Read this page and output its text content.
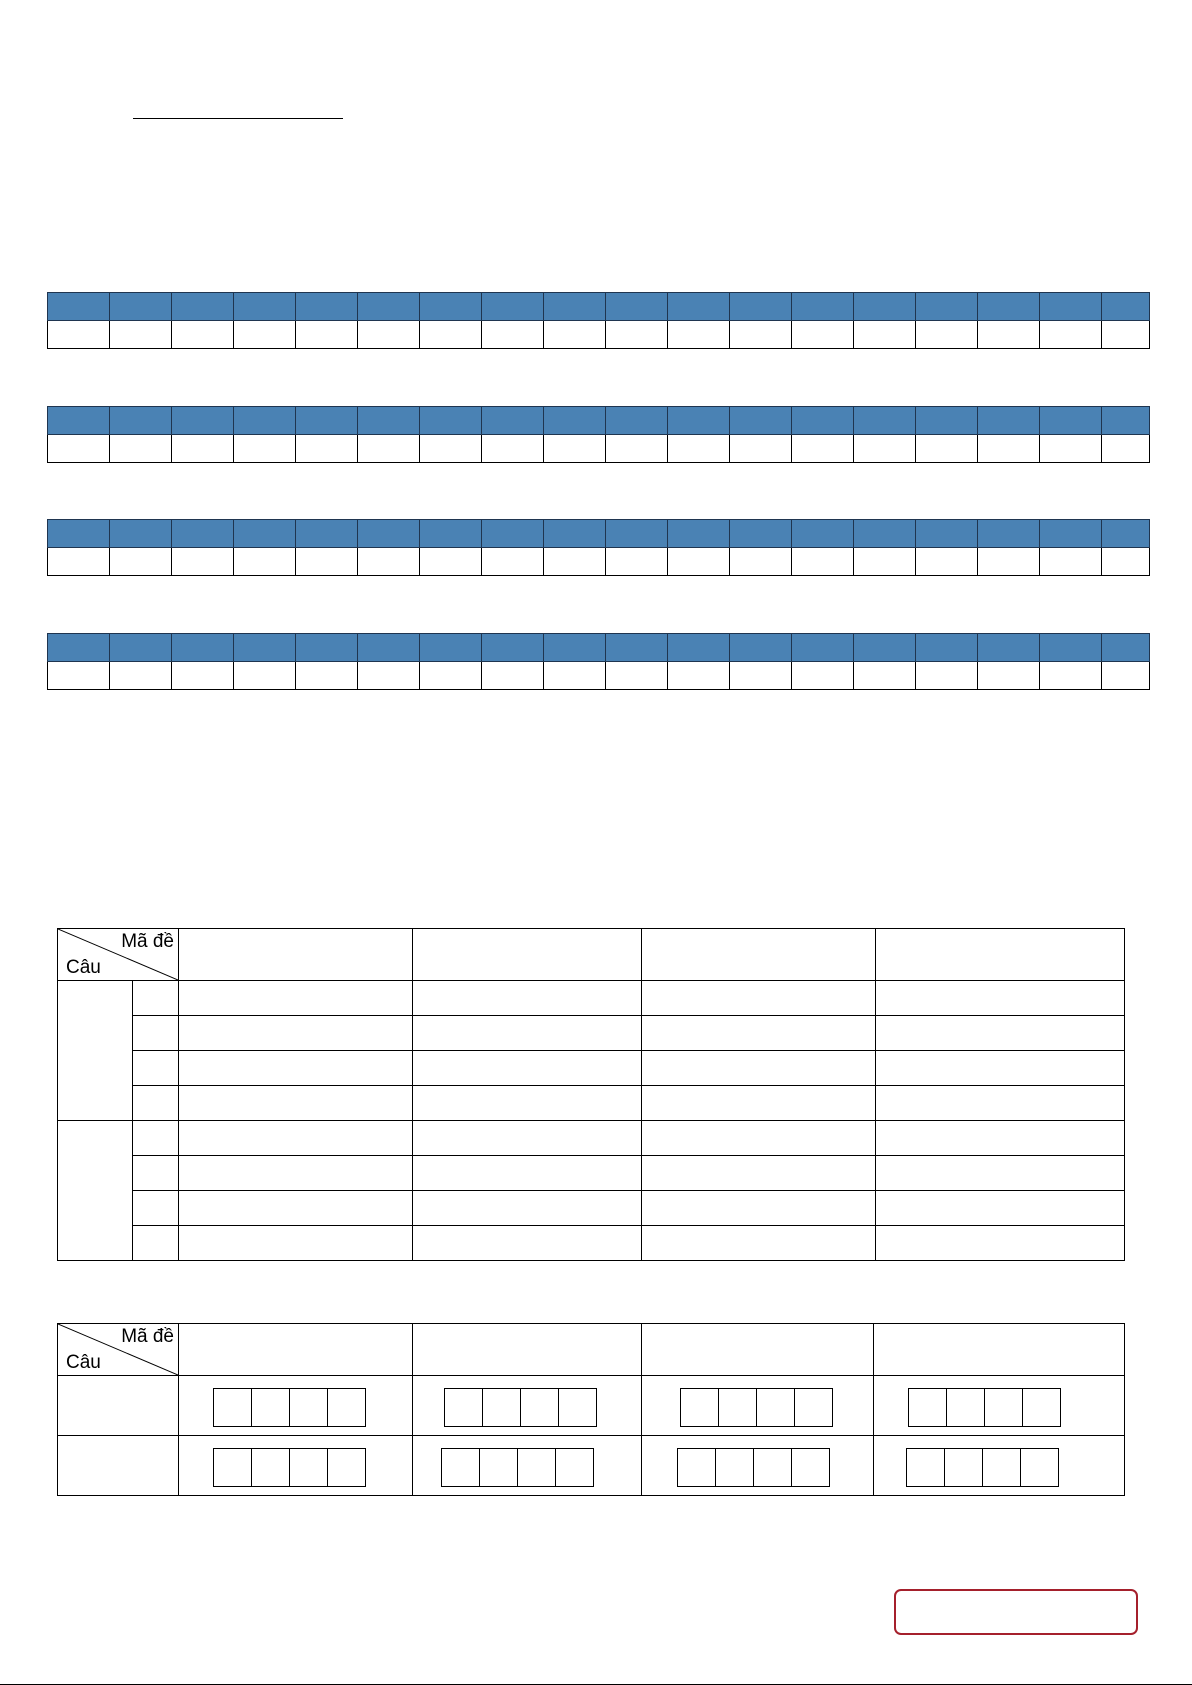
Mã đề
Câu					

Mã đề
Câu				
